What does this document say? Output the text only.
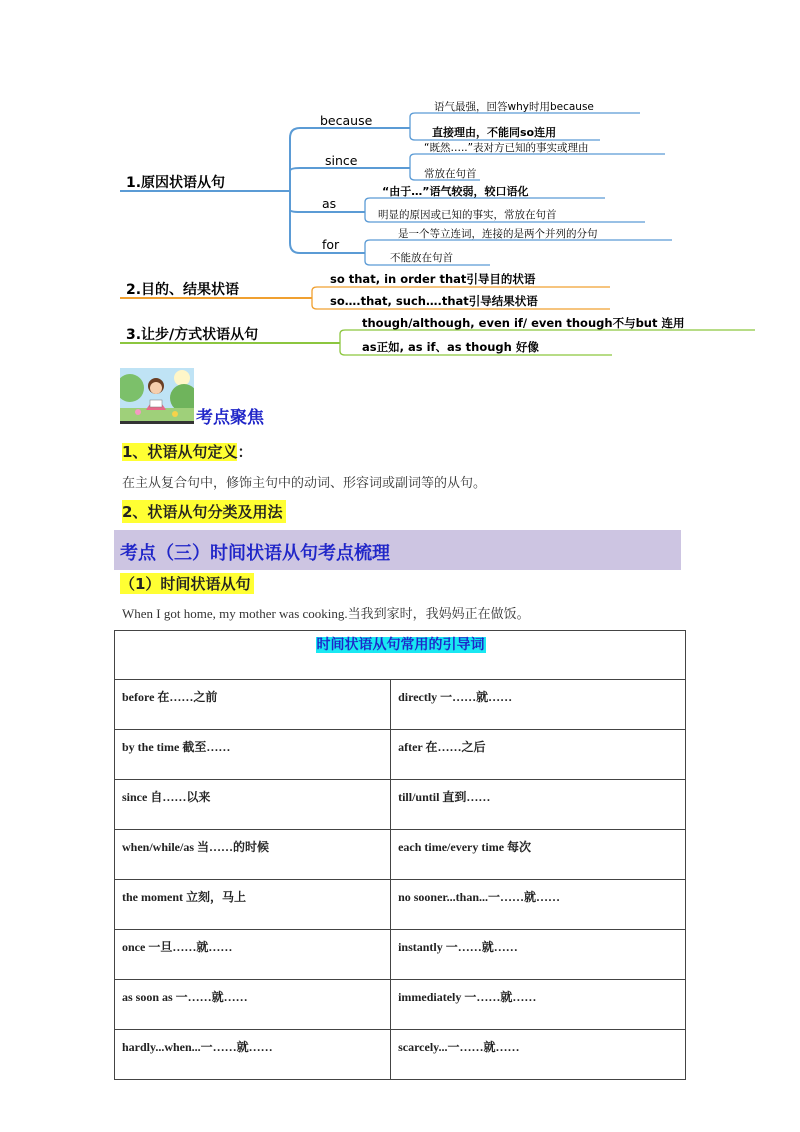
1.原因状语从句
because
since
as
for
语气最强，回答why时用because
直接理由，不能同so连用
“既然…..”表对方已知的事实或理由
常放在句首
“由于…”语气较弱，较口语化
明显的原因或已知的事实，常放在句首
是一个等立连词，连接的是两个并列的分句
不能放在句首
2.目的、结果状语
so that, in order that引导目的状语
so….that, such….that引导结果状语
3.让步/方式状语从句
though/although, even if/ even though不与but 连用
as正如, as if、as though 好像
考点聚焦
1、状语从句定义：
在主从复合句中，修饰主句中的动词、形容词或副词等的从句。
2、状语从句分类及用法
考点（三）时间状语从句考点梳理
（1）时间状语从句
When I got home, my mother was cooking.当我到家时，我妈妈正在做饭。
时间状语从句常用的引导词	
before 在……之前	directly 一……就……
by the time 截至……	after 在……之后
since 自……以来	till/until 直到……
when/while/as 当……的时候	each time/every time 每次
the moment 立刻，马上	no sooner...than...一……就……
once 一旦……就……	instantly 一……就……
as soon as 一……就……	immediately 一……就……
hardly...when...一……就……	scarcely...一……就……
